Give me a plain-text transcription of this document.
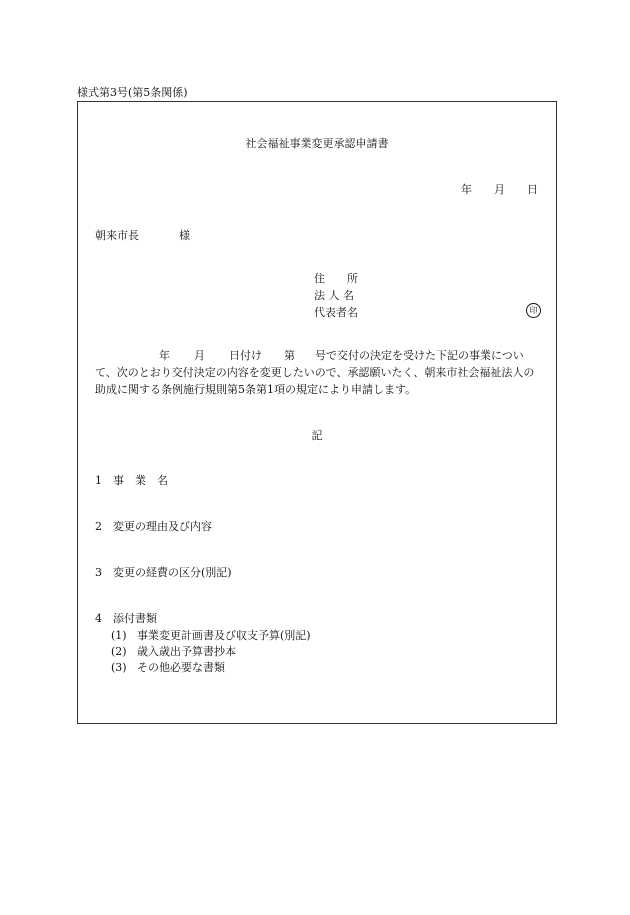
様式第3号(第5条関係)
社会福祉事業変更承認申請書
年 月 日
朝来市長	様
住　　所
法 人 名
代表者名	印
年 月 日付け 第 号で交付の決定を受けた下記の事業について、次のとおり交付決定の内容を変更したいので、承認願いたく、朝来市社会福祉法人の助成に関する条例施行規則第5条第1項の規定により申請します。
記
1 事　業　名
2 変更の理由及び内容
3 変更の経費の区分(別記)
4 添付書類
(1) 事業変更計画書及び収支予算(別記)
(2) 歳入歳出予算書抄本
(3) その他必要な書類
